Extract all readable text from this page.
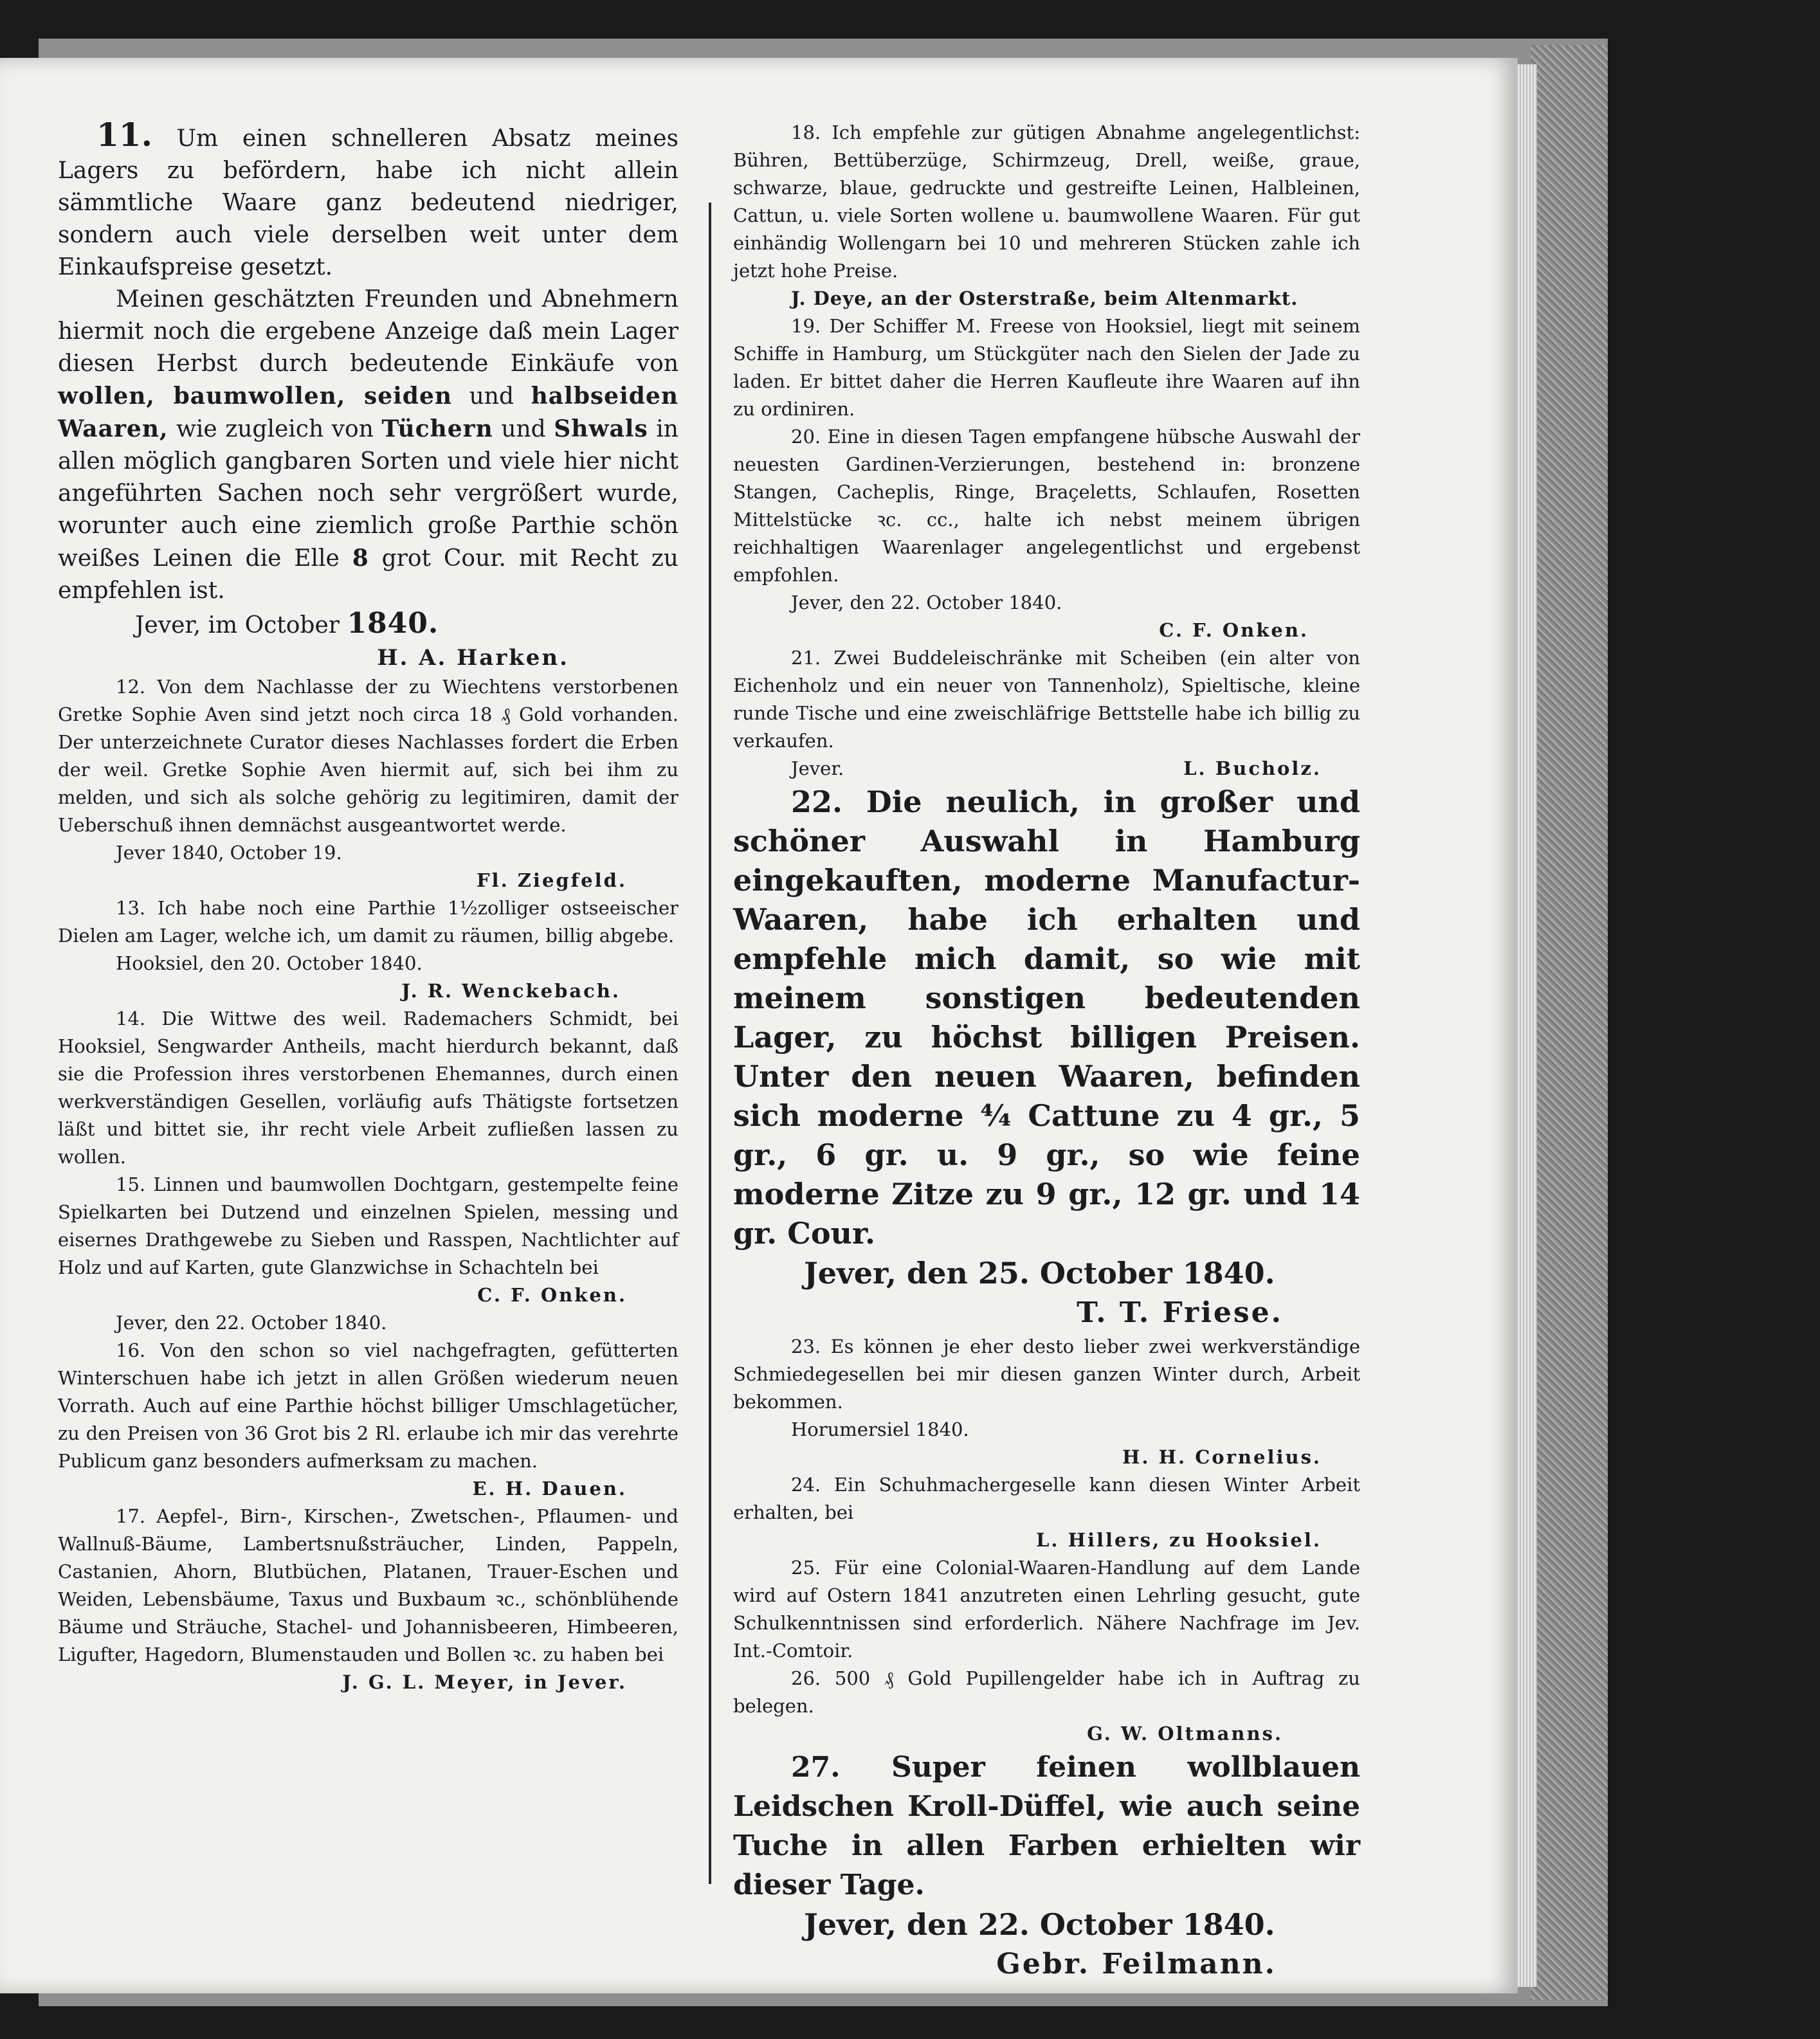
11. Um einen schnelleren Absatz meines Lagers zu befördern, habe ich nicht allein sämmtliche Waare ganz bedeutend niedriger, sondern auch viele derselben weit unter dem Einkaufspreise gesetzt.

Meinen geschätzten Freunden und Abnehmern hiermit noch die ergebene Anzeige daß mein Lager diesen Herbst durch bedeutende Einkäufe von wollen, baumwollen, seiden und halbseiden Waaren, wie zugleich von Tüchern und Shwals in allen möglich gangbaren Sorten und viele hier nicht angeführten Sachen noch sehr vergrößert wurde, worunter auch eine ziemlich große Parthie schön weißes Leinen die Elle 8 grot Cour. mit Recht zu empfehlen ist.

Jever, im October 1840.

H. A. Harken.

12. Von dem Nachlasse der zu Wiechtens verstorbenen Gretke Sophie Aven sind jetzt noch circa 18 ₰ Gold vorhanden. Der unterzeichnete Curator dieses Nachlasses fordert die Erben der weil. Gretke Sophie Aven hiermit auf, sich bei ihm zu melden, und sich als solche gehörig zu legitimiren, damit der Ueberschuß ihnen demnächst ausgeantwortet werde.

Jever 1840, October 19.

Fl. Ziegfeld.

13. Ich habe noch eine Parthie 1½zolliger ostseeischer Dielen am Lager, welche ich, um damit zu räumen, billig abgebe.

Hooksiel, den 20. October 1840.

J. R. Wenckebach.

14. Die Wittwe des weil. Rademachers Schmidt, bei Hooksiel, Sengwarder Antheils, macht hierdurch bekannt, daß sie die Profession ihres verstorbenen Ehemannes, durch einen werkverständigen Gesellen, vorläufig aufs Thätigste fortsetzen läßt und bittet sie, ihr recht viele Arbeit zufließen lassen zu wollen.

15. Linnen und baumwollen Dochtgarn, gestempelte feine Spielkarten bei Dutzend und einzelnen Spielen, messing und eisernes Drathgewebe zu Sieben und Rasspen, Nachtlichter auf Holz und auf Karten, gute Glanzwichse in Schachteln bei

C. F. Onken.

Jever, den 22. October 1840.

16. Von den schon so viel nachgefragten, gefütterten Winterschuen habe ich jetzt in allen Größen wiederum neuen Vorrath. Auch auf eine Parthie höchst billiger Umschlagetücher, zu den Preisen von 36 Grot bis 2 Rl. erlaube ich mir das verehrte Publicum ganz besonders aufmerksam zu machen.

E. H. Dauen.

17. Aepfel-, Birn-, Kirschen-, Zwetschen-, Pflaumen- und Wallnuß-Bäume, Lambertsnußsträucher, Linden, Pappeln, Castanien, Ahorn, Blutbüchen, Platanen, Trauer-Eschen und Weiden, Lebensbäume, Taxus und Buxbaum ꝛc., schönblühende Bäume und Sträuche, Stachel- und Johannisbeeren, Himbeeren, Ligufter, Hagedorn, Blumenstauden und Bollen ꝛc. zu haben bei

J. G. L. Meyer, in Jever.

18. Ich empfehle zur gütigen Abnahme angelegentlichst: Bühren, Bettüberzüge, Schirmzeug, Drell, weiße, graue, schwarze, blaue, gedruckte und gestreifte Leinen, Halbleinen, Cattun, u. viele Sorten wollene u. baumwollene Waaren. Für gut einhändig Wollengarn bei 10 und mehreren Stücken zahle ich jetzt hohe Preise.

J. Deye, an der Osterstraße, beim Altenmarkt.

19. Der Schiffer M. Freese von Hooksiel, liegt mit seinem Schiffe in Hamburg, um Stückgüter nach den Sielen der Jade zu laden. Er bittet daher die Herren Kaufleute ihre Waaren auf ihn zu ordiniren.

20. Eine in diesen Tagen empfangene hübsche Auswahl der neuesten Gardinen-Verzierungen, bestehend in: bronzene Stangen, Cacheplis, Ringe, Braçeletts, Schlaufen, Rosetten Mittelstücke ꝛc. cc., halte ich nebst meinem übrigen reichhaltigen Waarenlager angelegentlichst und ergebenst empfohlen.

Jever, den 22. October 1840.

C. F. Onken.

21. Zwei Buddeleischränke mit Scheiben (ein alter von Eichenholz und ein neuer von Tannenholz), Spieltische, kleine runde Tische und eine zweischläfrige Bettstelle habe ich billig zu verkaufen.

Jever.	L. Bucholz.

22. Die neulich, in großer und schöner Auswahl in Hamburg eingekauften, moderne Manufactur-Waaren, habe ich erhalten und empfehle mich damit, so wie mit meinem sonstigen bedeutenden Lager, zu höchst billigen Preisen. Unter den neuen Waaren, befinden sich moderne ⁴⁄₄ Cattune zu 4 gr., 5 gr., 6 gr. u. 9 gr., so wie feine moderne Zitze zu 9 gr., 12 gr. und 14 gr. Cour.

Jever, den 25. October 1840.

T. T. Friese.

23. Es können je eher desto lieber zwei werkverständige Schmiedegesellen bei mir diesen ganzen Winter durch, Arbeit bekommen.

Horumersiel 1840.

H. H. Cornelius.

24. Ein Schuhmachergeselle kann diesen Winter Arbeit erhalten, bei

L. Hillers, zu Hooksiel.

25. Für eine Colonial-Waaren-Handlung auf dem Lande wird auf Ostern 1841 anzutreten einen Lehrling gesucht, gute Schulkenntnissen sind erforderlich. Nähere Nachfrage im Jev. Int.-Comtoir.

26. 500 ₰ Gold Pupillengelder habe ich in Auftrag zu belegen.

G. W. Oltmanns.

27. Super feinen wollblauen Leidschen Kroll-Düffel, wie auch seine Tuche in allen Farben erhielten wir dieser Tage.

Jever, den 22. October 1840.

Gebr. Feilmann.
